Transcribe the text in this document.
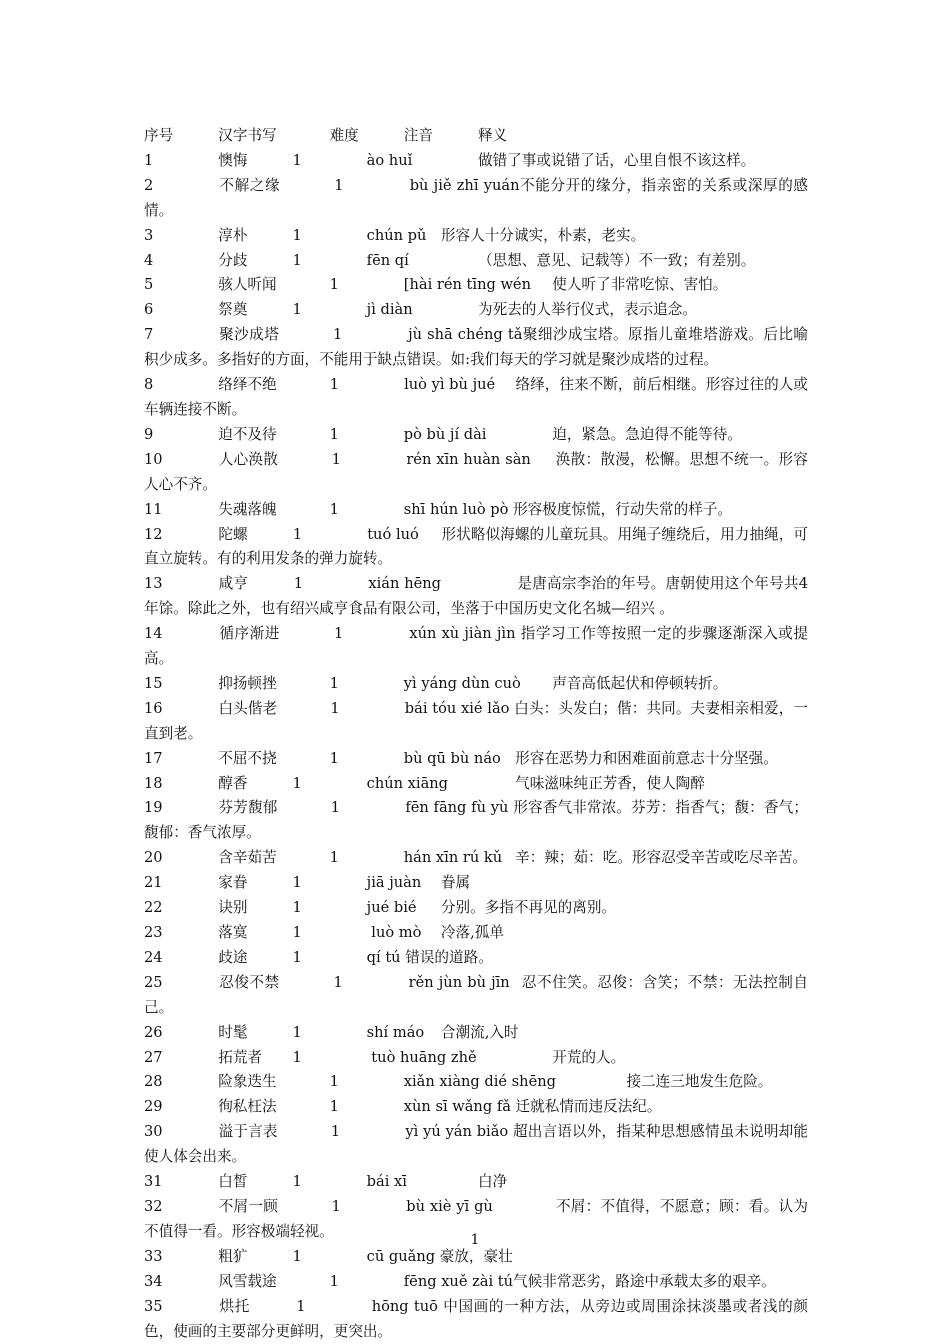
序号		汉字书写		难度		注音		释义
1		懊悔		1		ào huǐ		做错了事或说错了话，心里自恨不该这样。
2		不解之缘		1		bù jiě zhī yuán不能分开的缘分，指亲密的关系或深厚的感情。
3		淳朴		1		chún pǔ	形容人十分诚实，朴素，老实。
4		分歧		1		fēn qí		（思想、意见、记载等）不一致；有差别。
5		骇人听闻		1		[hài rén tīng wén	使人听了非常吃惊、害怕。
6		祭奠		1		jì diàn		为死去的人举行仪式，表示追念。
7		聚沙成塔		1		jù shā chéng tǎ聚细沙成宝塔。原指儿童堆塔游戏。后比喻积少成多。多指好的方面，不能用于缺点错误。如:我们每天的学习就是聚沙成塔的过程。
8		络绎不绝		1		luò yì bù jué	络绎，往来不断，前后相继。形容过往的人或车辆连接不断。
9		迫不及待		1		pò bù jí dài		迫，紧急。急迫得不能等待。
10		人心涣散		1		rén xīn huàn sàn	涣散：散漫，松懈。思想不统一。形容人心不齐。
11		失魂落魄		1		shī hún luò pò 形容极度惊慌，行动失常的样子。
12		陀螺		1		tuó luó	形状略似海螺的儿童玩具。用绳子缠绕后，用力抽绳，可直立旋转。有的利用发条的弹力旋转。
13		咸亨		1		xián hēng		是唐高宗李治的年号。唐朝使用这个年号共4年馀。除此之外，也有绍兴咸亨食品有限公司，坐落于中国历史文化名城—绍兴 。
14		循序渐进		1		xún xù jiàn jìn 指学习工作等按照一定的步骤逐渐深入或提高。
15		抑扬顿挫		1		yì yáng dùn cuò	声音高低起伏和停顿转折。
16		白头偕老		1		bái tóu xié lǎo 白头：头发白；偕：共同。夫妻相亲相爱，一直到老。
17		不屈不挠		1		bù qū bù náo	形容在恶势力和困难面前意志十分坚强。
18		醇香		1		chún xiāng		气味滋味纯正芳香，使人陶醉
19		芬芳馥郁		1		fēn fāng fù yù 形容香气非常浓。芬芳：指香气；馥：香气；馥郁：香气浓厚。
20		含辛茹苦		1		hán xīn rú kǔ	辛：辣；茹：吃。形容忍受辛苦或吃尽辛苦。
21		家眷		1		jiā juàn	眷属
22		诀别		1		jué bié	分别。多指不再见的离别。
23		落寞		1		luò mò	冷落,孤单
24		歧途		1		qí tú 错误的道路。
25		忍俊不禁		1		rěn jùn bù jīn	忍不住笑。忍俊：含笑；不禁：无法控制自己。
26		时髦		1		shí máo	合潮流,入时
27		拓荒者	1		tuò huāng zhě		开荒的人。
28		险象迭生		1		xiǎn xiàng dié shēng		接二连三地发生危险。
29		徇私枉法		1		xùn sī wǎng fǎ 迁就私情而违反法纪。
30		溢于言表		1		yì yú yán biǎo 超出言语以外，指某种思想感情虽未说明却能使人体会出来。
31		白皙		1		bái xī		白净
32		不屑一顾		1		bù xiè yī gù		不屑：不值得，不愿意；顾：看。认为不值得一看。形容极端轻视。
33		粗犷		1		cū guǎng 豪放，豪壮
34		风雪载途		1		fēng xuě zài tú气候非常恶劣，路途中承载太多的艰辛。
35		烘托		1		hōng tuō 中国画的一种方法，从旁边或周围涂抹淡墨或者浅的颜色，使画的主要部分更鲜明，更突出。
1
